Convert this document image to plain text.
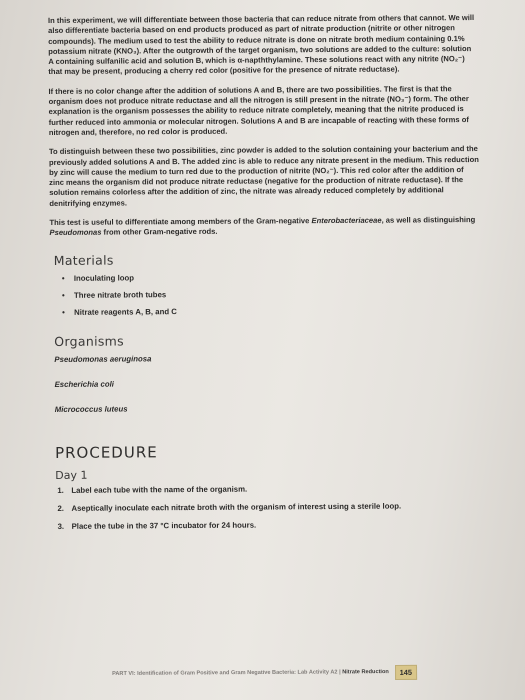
In this experiment, we will differentiate between those bacteria that can reduce nitrate from others that cannot. We will also differentiate bacteria based on end products produced as part of nitrate production (nitrite or other nitrogen compounds). The medium used to test the ability to reduce nitrate is done on nitrate broth medium containing 0.1% potassium nitrate (KNO₃). After the outgrowth of the target organism, two solutions are added to the culture: solution A containing sulfanilic acid and solution B, which is α-napththylamine. These solutions react with any nitrite (NO₂⁻) that may be present, producing a cherry red color (positive for the presence of nitrate reductase).

If there is no color change after the addition of solutions A and B, there are two possibilities. The first is that the organism does not produce nitrate reductase and all the nitrogen is still present in the nitrate (NO₃⁻) form. The other explanation is the organism possesses the ability to reduce nitrate completely, meaning that the nitrite produced is further reduced into ammonia or molecular nitrogen. Solutions A and B are incapable of reacting with these forms of nitrogen and, therefore, no red color is produced.

To distinguish between these two possibilities, zinc powder is added to the solution containing your bacterium and the previously added solutions A and B. The added zinc is able to reduce any nitrate present in the medium. This reduction by zinc will cause the medium to turn red due to the production of nitrite (NO₂⁻). This red color after the addition of zinc means the organism did not produce nitrate reductase (negative for the production of nitrate reductase). If the solution remains colorless after the addition of zinc, the nitrate was already reduced completely by additional denitrifying enzymes.

This test is useful to differentiate among members of the Gram-negative Enterobacteriaceae, as well as distinguishing Pseudomonas from other Gram-negative rods.

Materials
•	Inoculating loop
•	Three nitrate broth tubes
•	Nitrate reagents A, B, and C
Organisms
Pseudomonas aeruginosa
Escherichia coli
Micrococcus luteus
PROCEDURE
Day 1
1. Label each tube with the name of the organism.
2. Aseptically inoculate each nitrate broth with the organism of interest using a sterile loop.
3. Place the tube in the 37 °C incubator for 24 hours.
PART VI: Identification of Gram Positive and Gram Negative Bacteria: Lab Activity A2 | Nitrate Reduction	145
